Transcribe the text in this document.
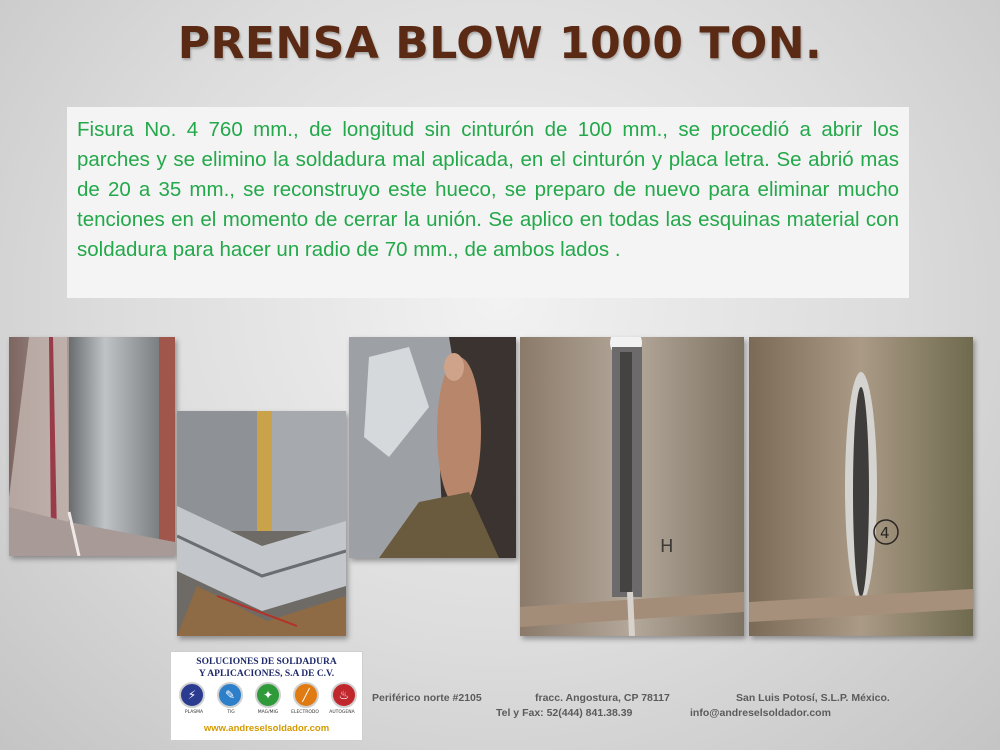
PRENSA BLOW 1000 TON.
Fisura No. 4 760 mm., de longitud sin cinturón de 100 mm., se procedió a abrir los parches y se elimino la soldadura mal aplicada, en el cinturón y placa letra. Se abrió mas de 20 a 35 mm., se reconstruyo este hueco, se preparo de nuevo para eliminar mucho tenciones en el momento de cerrar la unión. Se aplico en todas las esquinas material con soldadura para hacer un radio de 70 mm., de ambos lados .
H
4
SOLUCIONES DE SOLDADURA
Y APLICACIONES, S.A DE C.V.
⚡	✎	✦	╱	♨
PLASMA	TIG	MAG/MIG	ELECTRODO	AUTOGENA
www.andreselsoldador.com
Periférico norte #2105	fracc. Angostura, CP 78117	San Luis Potosí, S.L.P. México.
Tel y Fax: 52(444) 841.38.39	info@andreselsoldador.com
